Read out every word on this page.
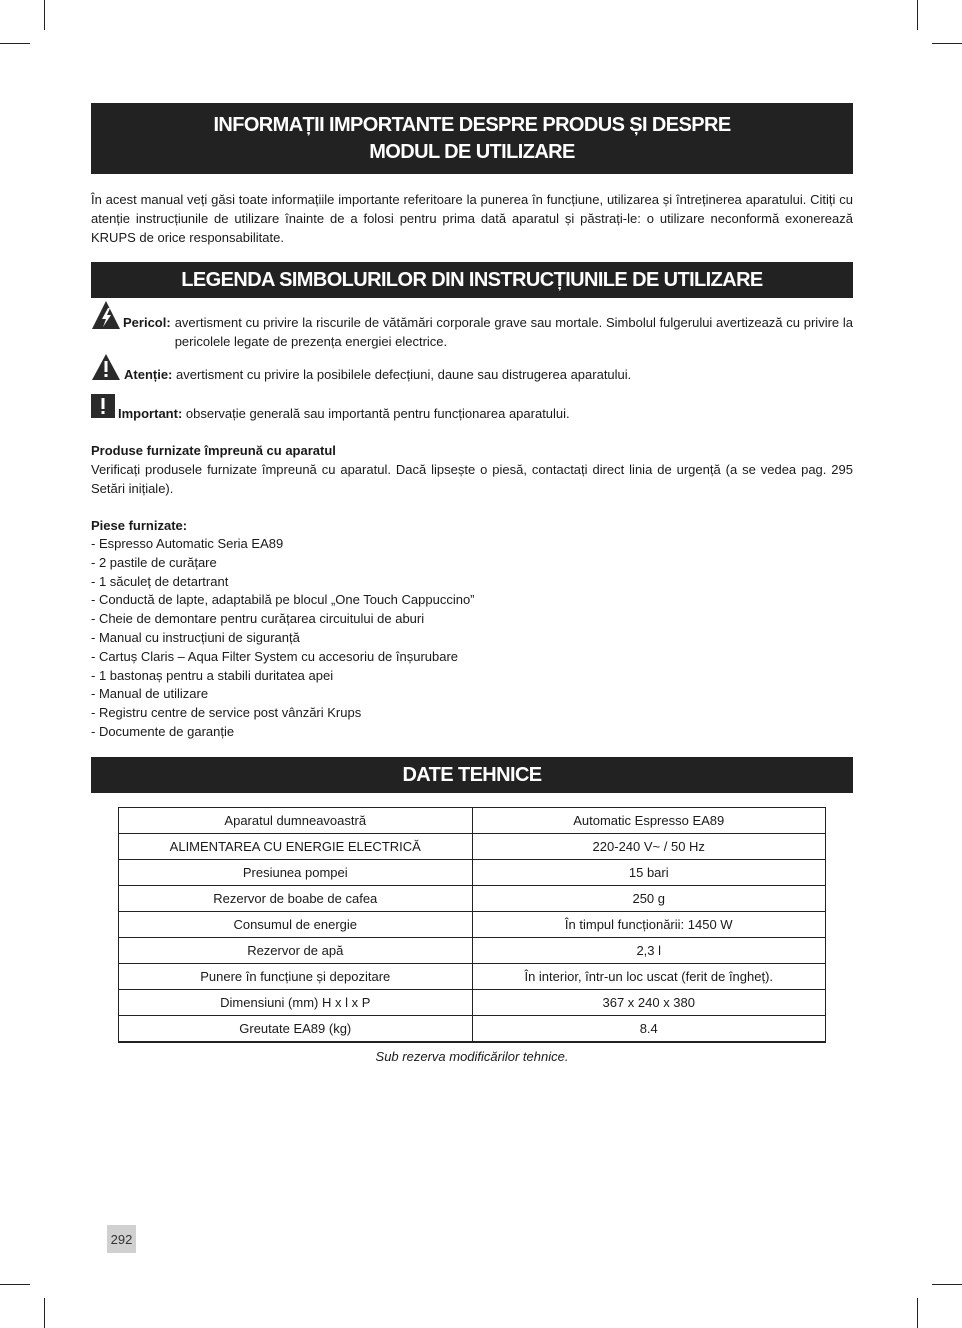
INFORMAȚII IMPORTANTE DESPRE PRODUS ȘI DESPRE
MODUL DE UTILIZARE
În acest manual veți găsi toate informațiile importante referitoare la punerea în funcțiune, utilizarea și întreținerea aparatului. Citiți cu atenție instrucțiunile de utilizare înainte de a folosi pentru prima dată aparatul și păstrați-le: o utilizare neconformă exonerează KRUPS de orice responsabilitate.
LEGENDA SIMBOLURILOR DIN INSTRUCȚIUNILE DE UTILIZARE
Pericol: avertisment cu privire la riscurile de vătămări corporale grave sau mortale. Simbolul fulgerului avertizează cu privire la pericolele legate de prezența energiei electrice.
Atenție: avertisment cu privire la posibilele defecțiuni, daune sau distrugerea aparatului.
Important: observație generală sau importantă pentru funcționarea aparatului.
Produse furnizate împreună cu aparatul
Verificați produsele furnizate împreună cu aparatul. Dacă lipsește o piesă, contactați direct linia de urgență (a se vedea pag. 295 Setări inițiale).
Piese furnizate:
- Espresso Automatic Seria EA89
- 2 pastile de curățare
- 1 săculeț de detartrant
- Conductă de lapte, adaptabilă pe blocul „One Touch Cappuccino”
- Cheie de demontare pentru curățarea circuitului de aburi
- Manual cu instrucțiuni de siguranță
- Cartuș Claris – Aqua Filter System cu accesoriu de înșurubare
- 1 bastonaș pentru a stabili duritatea apei
- Manual de utilizare
- Registru centre de service post vânzări Krups
- Documente de garanție
DATE TEHNICE
Aparatul dumneavoastră	Automatic Espresso EA89
ALIMENTAREA CU ENERGIE ELECTRICĂ	220-240 V~ / 50 Hz
Presiunea pompei	15 bari
Rezervor de boabe de cafea	250 g
Consumul de energie	În timpul funcționării: 1450 W
Rezervor de apă	2,3 l
Punere în funcțiune și depozitare	În interior, într-un loc uscat (ferit de îngheț).
Dimensiuni (mm) H x l x P	367 x 240 x 380
Greutate EA89 (kg)	8.4
Sub rezerva modificărilor tehnice.
292
